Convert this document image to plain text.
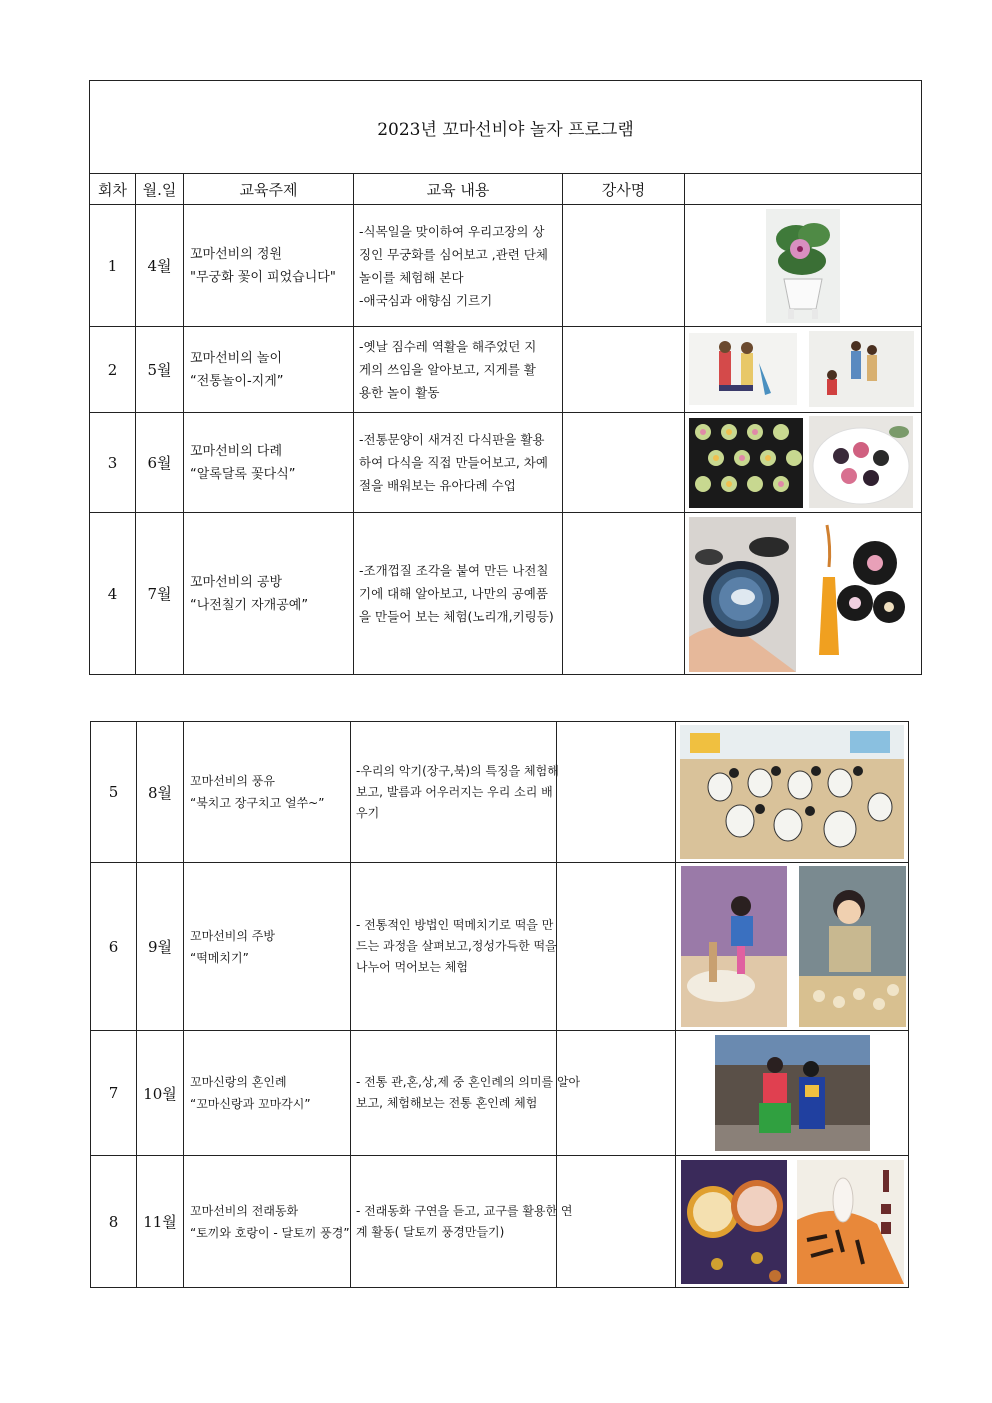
2023년 꼬마선비야 놀자 프로그램					
회차	월.일	교육주제	교육 내용	강사명	
1	4월	꼬마선비의 정원
"무궁화 꽃이 피었습니다"	-식목일을 맞이하여 우리고장의 상
징인 무궁화를 심어보고 ,관련 단체
놀이를 체험해 본다
-애국심과 애향심 기르기

2	5월	꼬마선비의 놀이
“전통놀이-지게”	-옛날 짐수레 역활을 해주었던 지
게의 쓰임을 알아보고, 지게를 활
용한 놀이 활동

3	6월	꼬마선비의 다례
“알록달록 꽃다식”	-전통문양이 새겨진 다식판을 활용
하여 다식을 직접 만들어보고, 차예
절을 배워보는 유아다례 수업

4	7월	꼬마선비의 공방
“나전칠기 자개공예”	-조개껍질 조각을 붙여 만든 나전칠
기에 대해 알아보고, 나만의 공예품
을 만들어 보는 체험(노리개,키링등)

5	8월	꼬마선비의 풍유
“북치고 장구치고 얼쑤~”	-우리의 악기(장구,북)의 특징을 체험해
보고, 발름과 어우러지는 우리 소리 배
우기

6	9월	꼬마선비의 주방
“떡메치기”	- 전통적인 방법인 떡메치기로 떡을 만
드는 과정을 살펴보고,정성가득한 떡을
나누어 먹어보는 체험

7	10월	꼬마신랑의 혼인례
“꼬마신랑과 꼬마각시”	- 전통 관,혼,상,제 중 혼인례의 의미를 알아
보고, 체험해보는 전통 혼인례 체험

8	11월	꼬마선비의 전래동화
“토끼와 호랑이 - 달토끼 풍경”	- 전래동화 구연을 듣고, 교구를 활용한 연
계 활동( 달토끼 풍경만들기)
